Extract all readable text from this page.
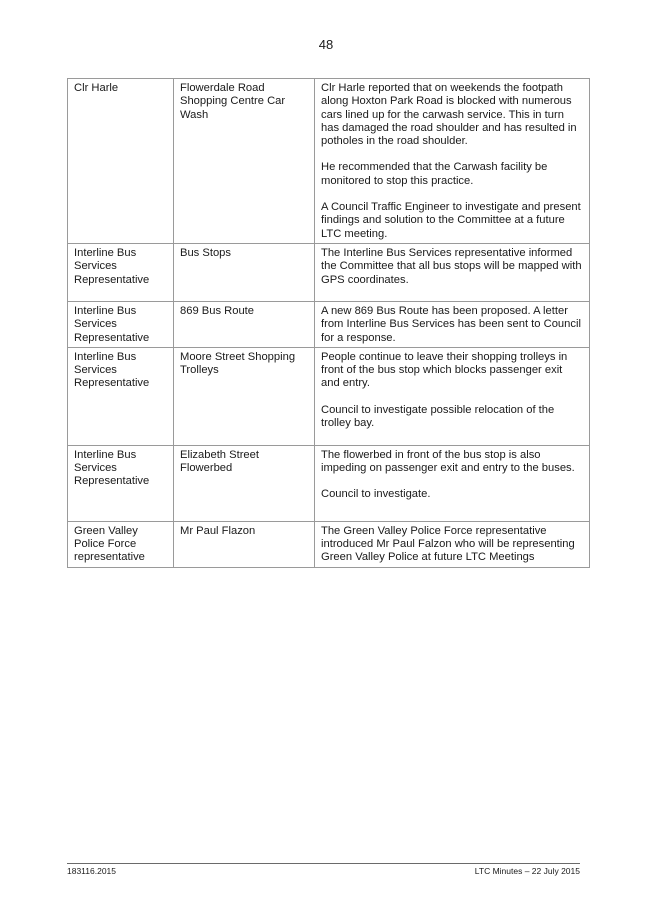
48
Clr Harle	Flowerdale Road Shopping Centre Car Wash	Clr Harle reported that on weekends the footpath along Hoxton Park Road is blocked with numerous cars lined up for the carwash service. This in turn has damaged the road shoulder and has resulted in potholes in the road shoulder.

He recommended that the Carwash facility be monitored to stop this practice.

A Council Traffic Engineer to investigate and present findings and solution to the Committee at a future LTC meeting.

Interline Bus Services Representative	Bus Stops	The Interline Bus Services representative informed the Committee that all bus stops will be mapped with GPS coordinates.

Interline Bus Services Representative	869 Bus Route	A new 869 Bus Route has been proposed. A letter from Interline Bus Services has been sent to Council for a response.

Interline Bus Services Representative	Moore Street Shopping Trolleys	People continue to leave their shopping trolleys in front of the bus stop which blocks passenger exit and entry.

Council to investigate possible relocation of the trolley bay.

Interline Bus Services Representative	Elizabeth Street Flowerbed	The flowerbed in front of the bus stop is also impeding on passenger exit and entry to the buses.

Council to investigate.

Green Valley Police Force representative	Mr Paul Flazon	The Green Valley Police Force representative introduced Mr Paul Falzon who will be representing Green Valley Police at future LTC Meetings

183116.2015	LTC Minutes – 22 July 2015
